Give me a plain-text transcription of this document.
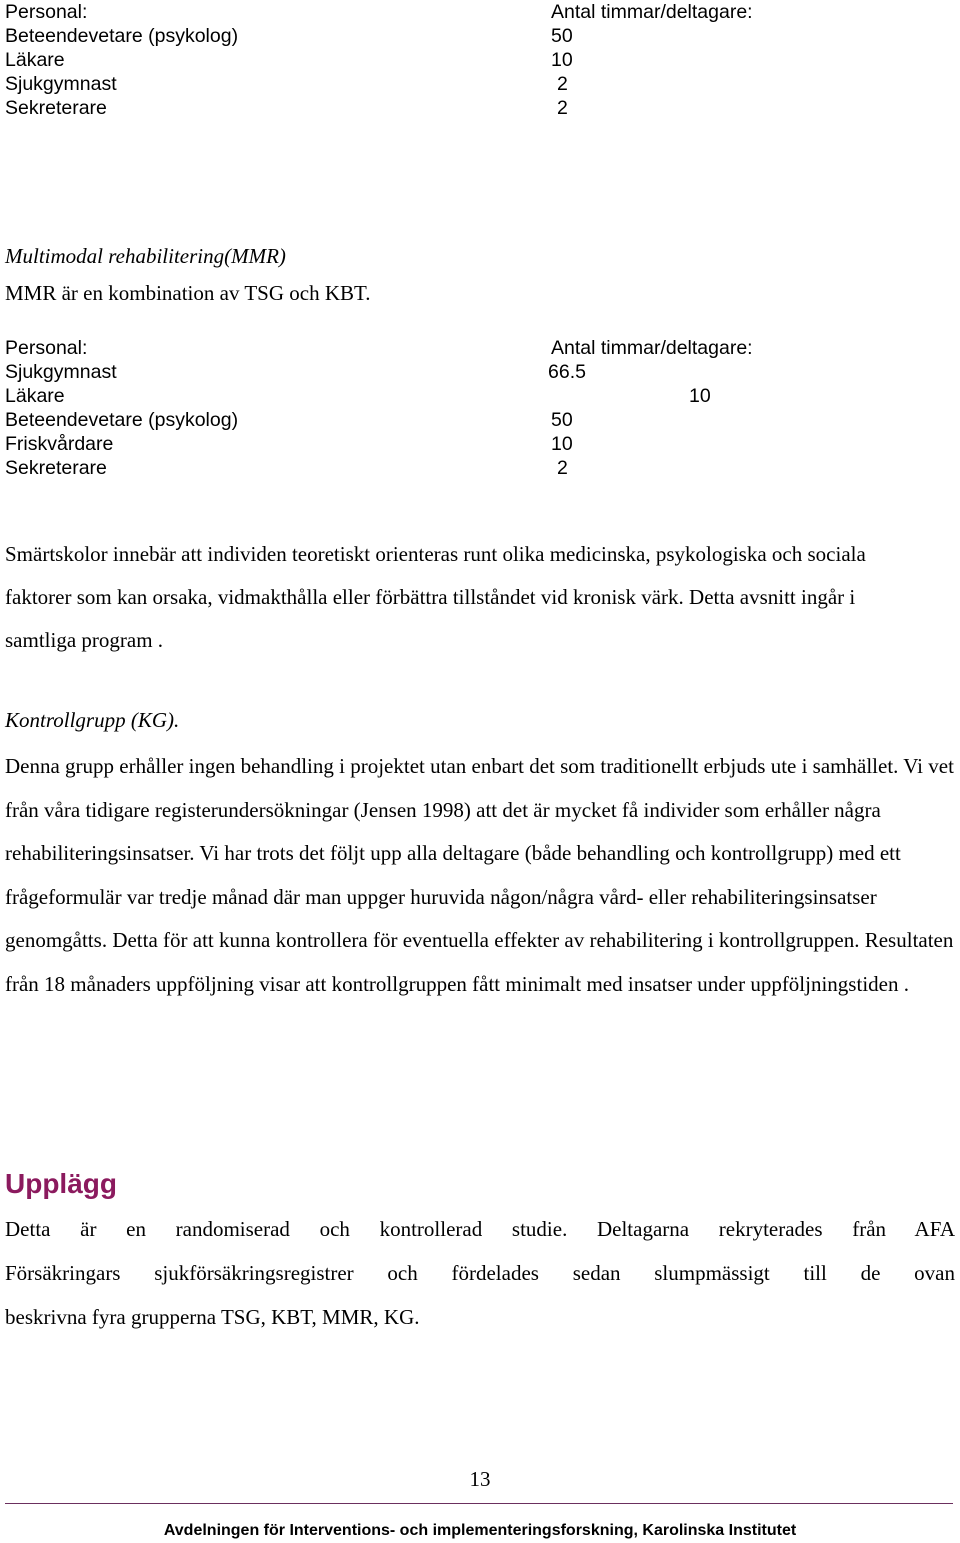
Personal:	Antal timmar/deltagare:
Beteendevetare (psykolog)	50
Läkare	10
Sjukgymnast	2
Sekreterare	2
Multimodal rehabilitering(MMR)
MMR är en kombination av TSG och KBT.
Personal:	Antal timmar/deltagare:
Sjukgymnast	66.5
Läkare	10
Beteendevetare (psykolog)	50
Friskvårdare	10
Sekreterare	2

Smärtskolor innebär att individen teoretiskt orienteras runt olika medicinska, psykologiska och sociala faktorer som kan orsaka, vidmakthålla eller förbättra tillståndet vid kronisk värk. Detta avsnitt ingår i samtliga program .

Kontrollgrupp (KG).

Denna grupp erhåller ingen behandling i projektet utan enbart det som traditionellt erbjuds ute i samhället. Vi vet från våra tidigare registerundersökningar (Jensen 1998) att det är mycket få individer som erhåller några rehabiliteringsinsatser. Vi har trots det följt upp alla deltagare (både behandling och kontrollgrupp) med ett frågeformulär var tredje månad där man uppger huruvida någon/några vård- eller rehabiliteringsinsatser genomgåtts. Detta för att kunna kontrollera för eventuella effekter av rehabilitering i kontrollgruppen. Resultaten från 18 månaders uppföljning visar att kontrollgruppen fått minimalt med insatser under uppföljningstiden .

Upplägg
Detta är en randomiserad och kontrollerad studie. Deltagarna rekryterades från AFA
Försäkringars sjukförsäkringsregistrer och fördelades sedan slumpmässigt till de ovan
beskrivna fyra grupperna TSG, KBT, MMR, KG.
13
Avdelningen för Interventions- och implementeringsforskning, Karolinska Institutet
